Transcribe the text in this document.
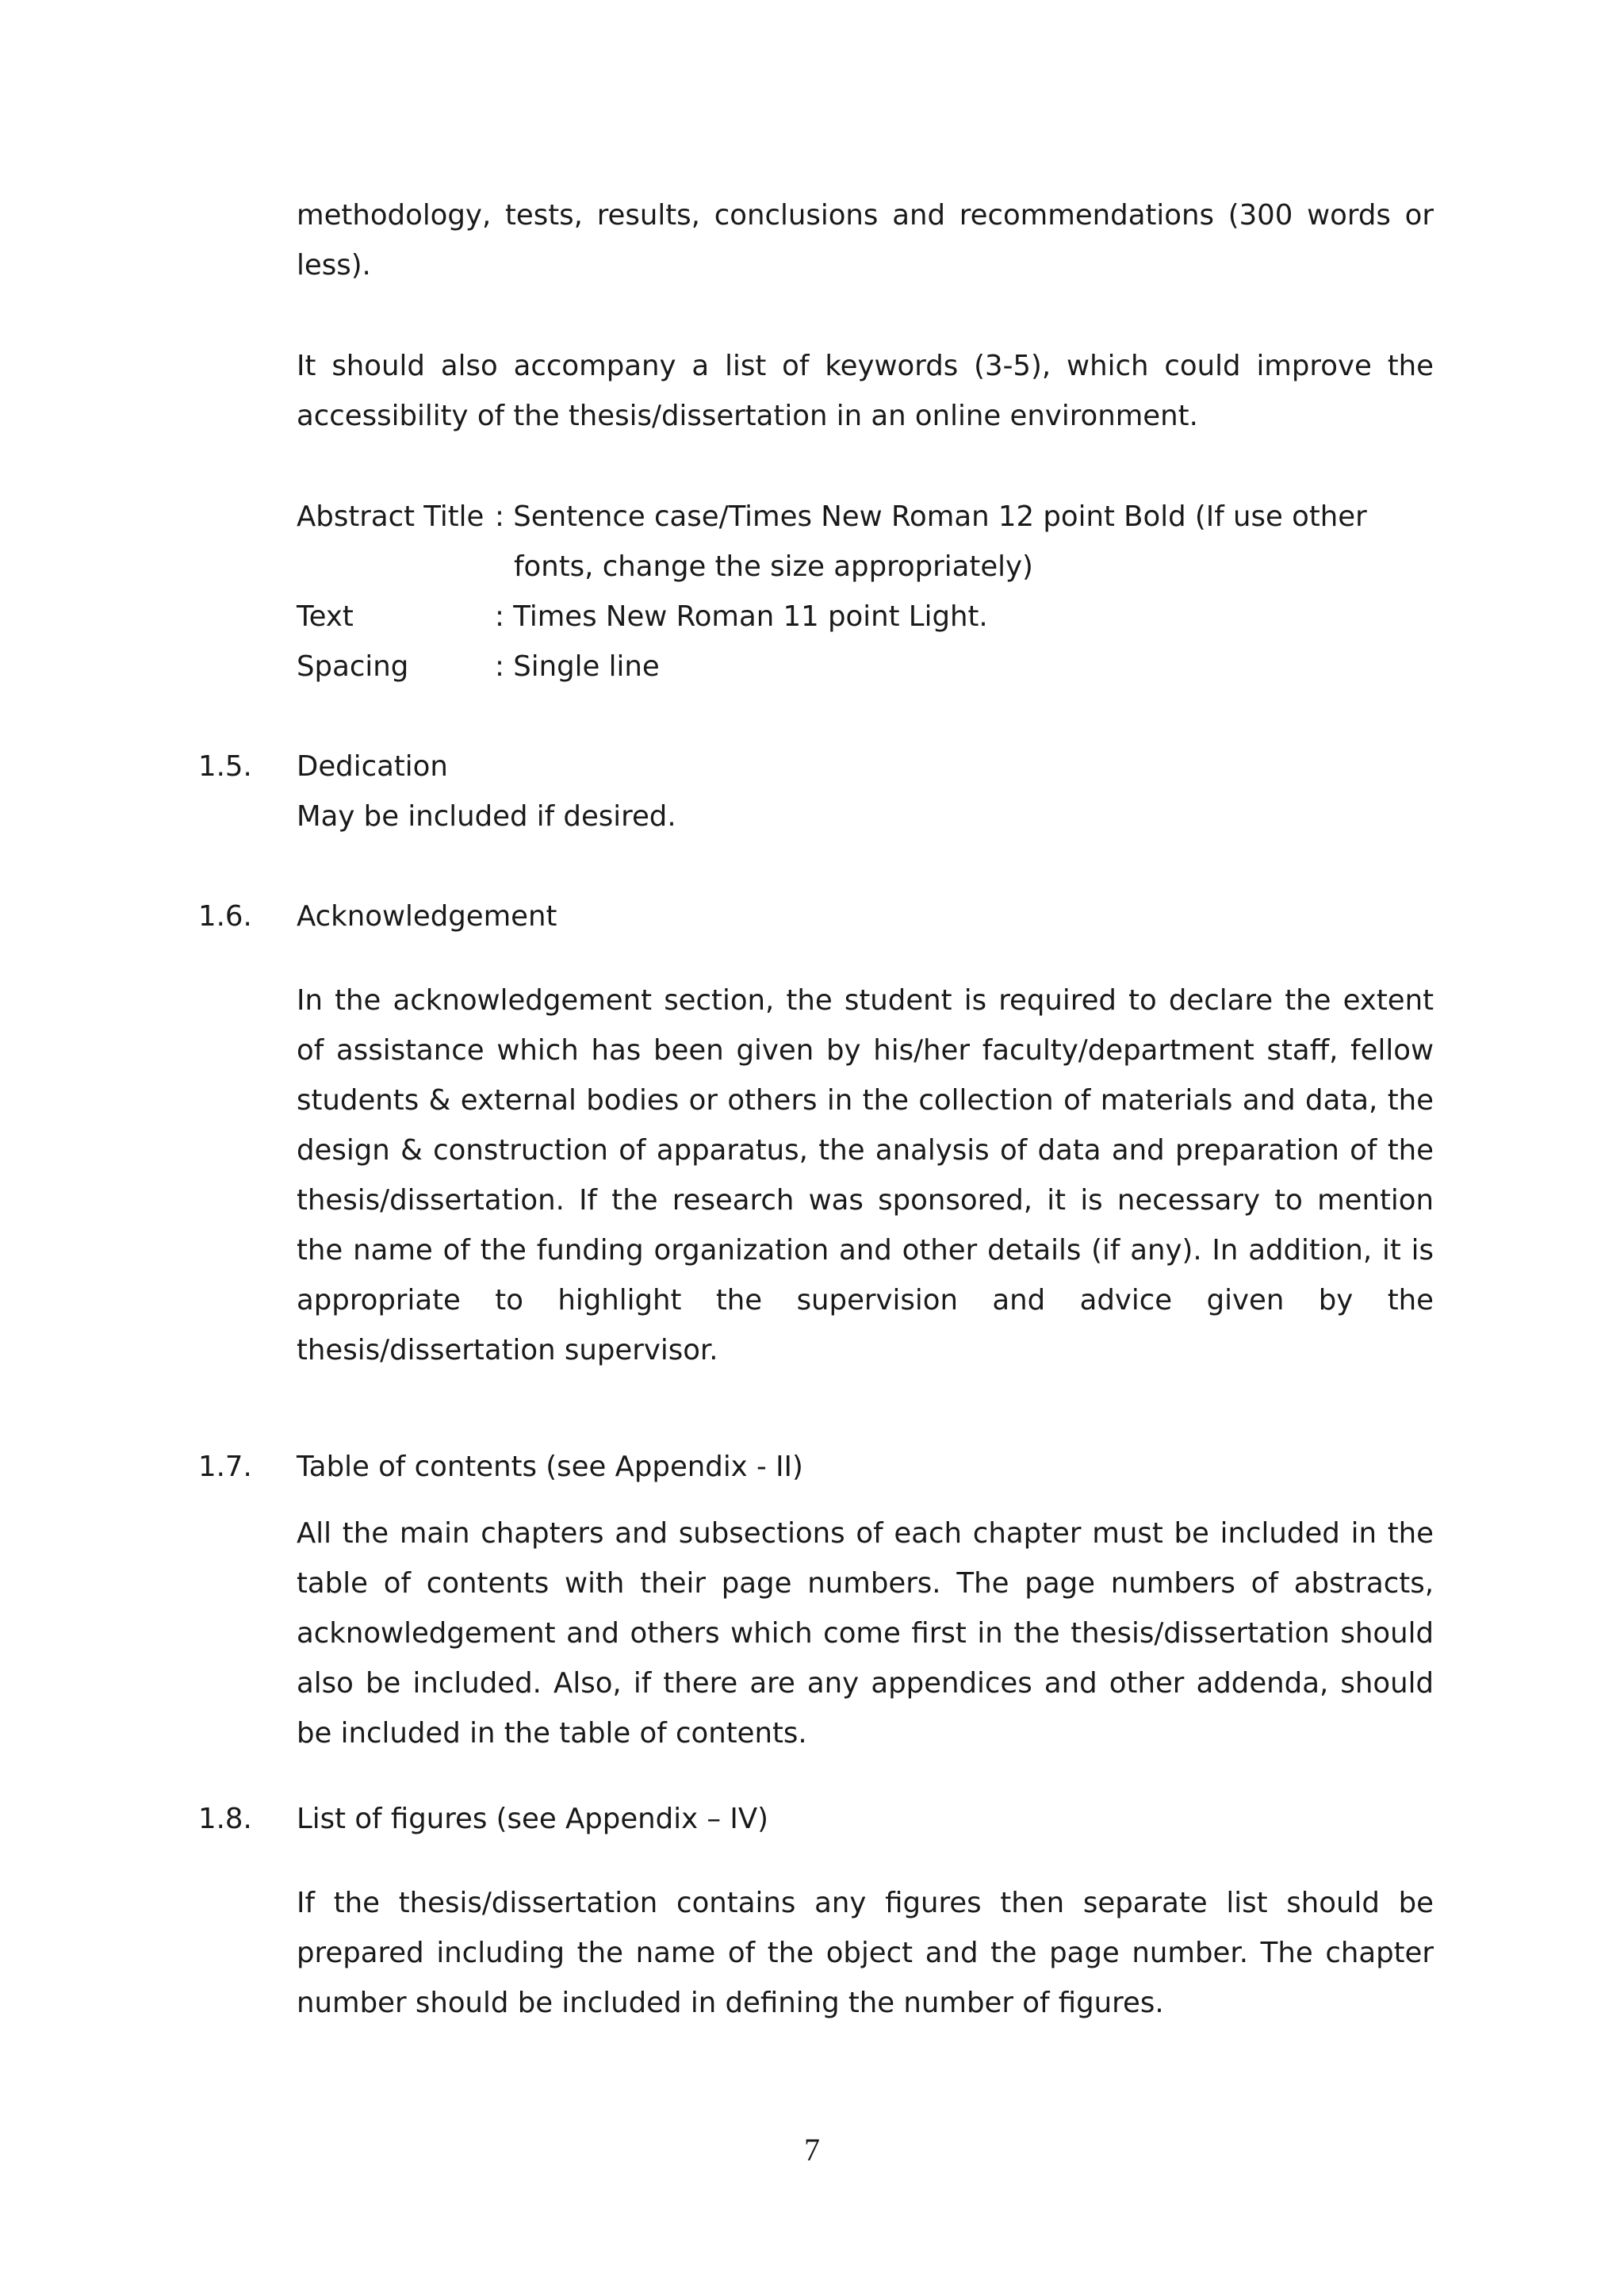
methodology, tests, results, conclusions and recommendations (300 words or less).

It should also accompany a list of keywords (3-5), which could improve the accessibility of the thesis/dissertation in an online environment.

Abstract Title : Sentence case/Times New Roman 12 point Bold (If use other
fonts, change the size appropriately)
Text	: Times New Roman 11 point Light.
Spacing	: Single line
1.5. Dedication

May be included if desired.

1.6. Acknowledgement

In the acknowledgement section, the student is required to declare the extent of assistance which has been given by his/her faculty/department staff, fellow students & external bodies or others in the collection of materials and data, the design & construction of apparatus, the analysis of data and preparation of the thesis/dissertation. If the research was sponsored, it is necessary to mention the name of the funding organization and other details (if any). In addition, it is appropriate to highlight the supervision and advice given by the thesis/dissertation supervisor.

1.7. Table of contents (see Appendix - II)

All the main chapters and subsections of each chapter must be included in the table of contents with their page numbers. The page numbers of abstracts, acknowledgement and others which come first in the thesis/dissertation should also be included. Also, if there are any appendices and other addenda, should be included in the table of contents.

1.8. List of figures (see Appendix – IV)

If the thesis/dissertation contains any figures then separate list should be prepared including the name of the object and the page number. The chapter number should be included in defining the number of figures.

7
